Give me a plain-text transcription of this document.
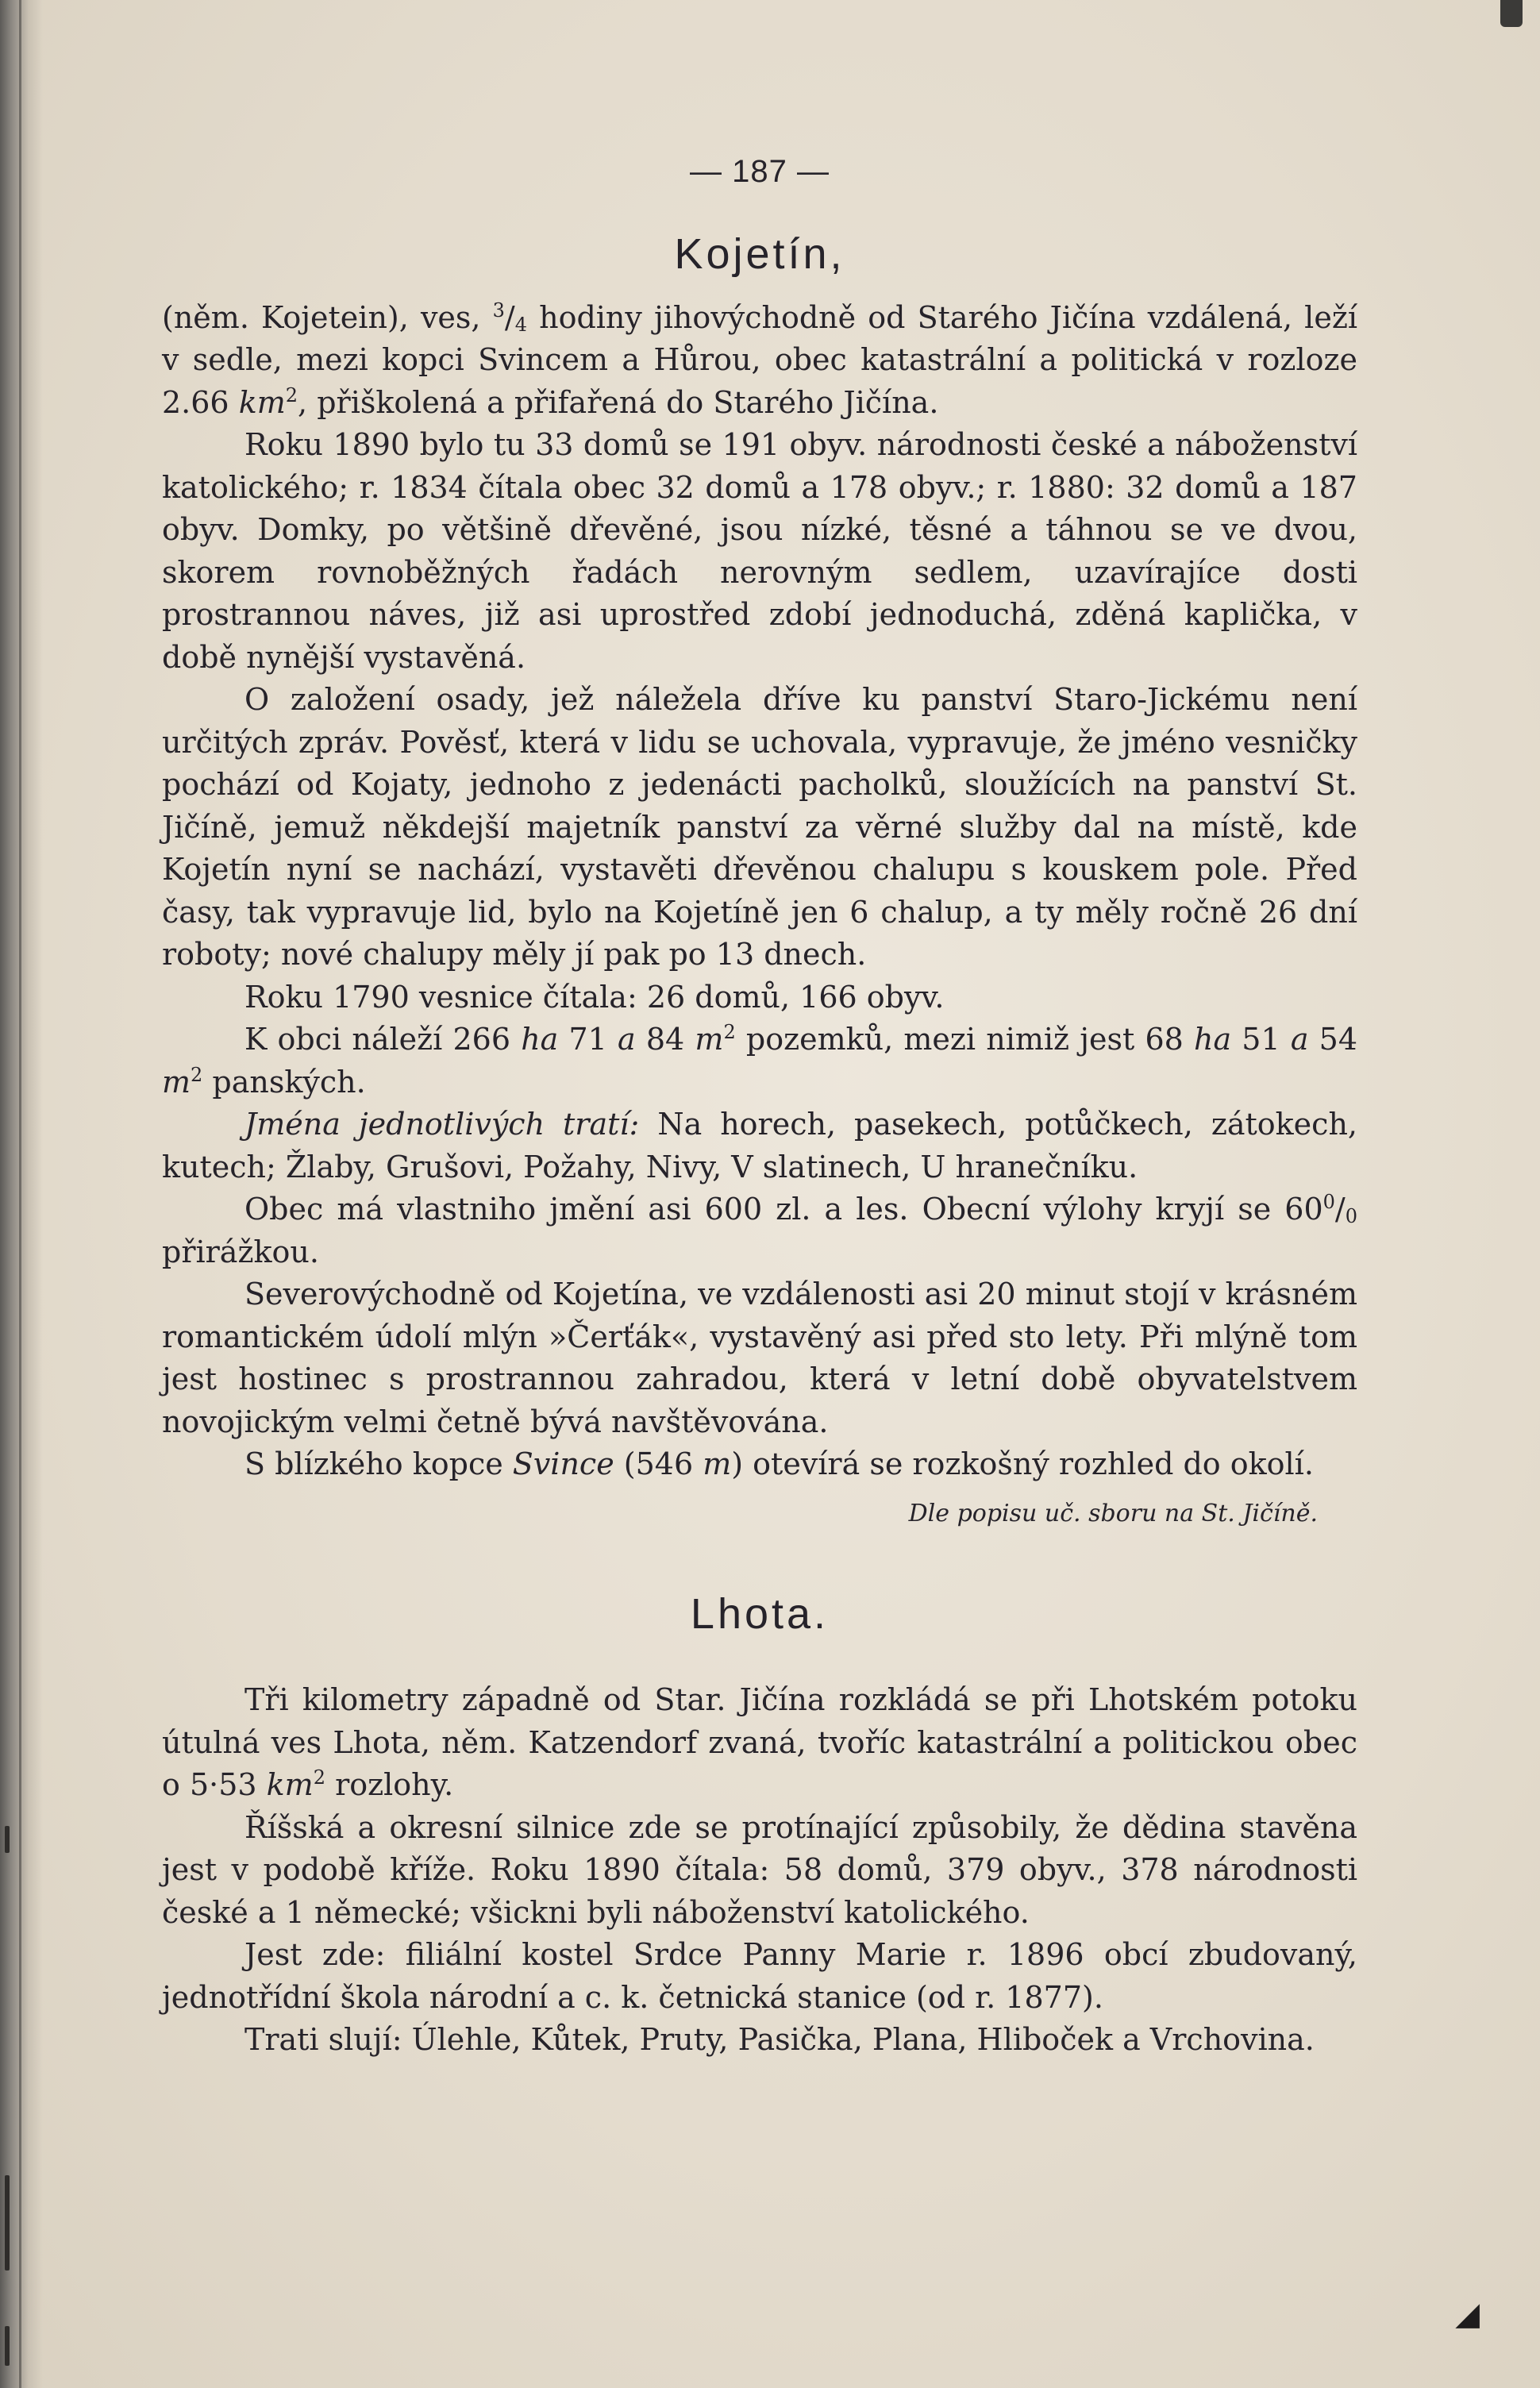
◢
— 187 —
Kojetín,

(něm. Kojetein), ves, $^3/_4$ hodiny jihovýchodně od Starého Jičína vzdálená, leží v sedle, mezi kopci Svincem a Hůrou, obec katastrální a politická v rozloze 2.66 $km^2$, přiškolená a přifařená do Starého Jičína.

Roku 1890 bylo tu 33 domů se 191 obyv. národnosti české a náboženství katolického; r. 1834 čítala obec 32 domů a 178 obyv.; r. 1880: 32 domů a 187 obyv. Domky, po většině dřevěné, jsou nízké, těsné a táhnou se ve dvou, skorem rovnoběžných řadách nerovným sedlem, uzavírajíce dosti prostrannou náves, již asi uprostřed zdobí jednoduchá, zděná kaplička, v době nynější vystavěná.

O založení osady, jež náležela dříve ku panství Staro-Jickému není určitých zpráv. Pověsť, která v lidu se uchovala, vypravuje, že jméno vesničky pochází od Kojaty, jednoho z jedenácti pacholků, sloužících na panství St. Jičíně, jemuž někdejší majetník panství za věrné služby dal na místě, kde Kojetín nyní se nachází, vystavěti dřevěnou chalupu s kouskem pole. Před časy, tak vypravuje lid, bylo na Kojetíně jen 6 chalup, a ty měly ročně 26 dní roboty; nové chalupy měly jí pak po 13 dnech.

Roku 1790 vesnice čítala: 26 domů, 166 obyv.

K obci náleží 266 ha 71 a 84 $m^2$ pozemků, mezi nimiž jest 68 ha 51 a 54 $m^2$ panských.

Jména jednotlivých tratí: Na horech, pasekech, potůčkech, zátokech, kutech; Žlaby, Grušovi, Požahy, Nivy, V slatinech, U hranečníku.

Obec má vlastniho jmění asi 600 zl. a les. Obecní výlohy kryjí se $60^0/_0$ přirážkou.

Severovýchodně od Kojetína, ve vzdálenosti asi 20 minut stojí v krásném romantickém údolí mlýn »Čerťák«, vystavěný asi před sto lety. Při mlýně tom jest hostinec s prostrannou zahradou, která v letní době obyvatelstvem novojickým velmi četně bývá navštěvována.

S blízkého kopce Svince (546 m) otevírá se rozkošný rozhled do okolí.

Dle popisu uč. sboru na St. Jičíně.
Lhota.

Tři kilometry západně od Star. Jičína rozkládá se při Lhotském potoku útulná ves Lhota, něm. Katzendorf zvaná, tvoříc katastrální a politickou obec o 5·53 $km^2$ rozlohy.

Říšská a okresní silnice zde se protínající způsobily, že dědina stavěna jest v podobě kříže. Roku 1890 čítala: 58 domů, 379 obyv., 378 národnosti české a 1 německé; všickni byli náboženství katolického.

Jest zde: filiální kostel Srdce Panny Marie r. 1896 obcí zbudovaný, jednotřídní škola národní a c. k. četnická stanice (od r. 1877).

Trati slují: Úlehle, Kůtek, Pruty, Pasička, Plana, Hliboček a Vrchovina.
